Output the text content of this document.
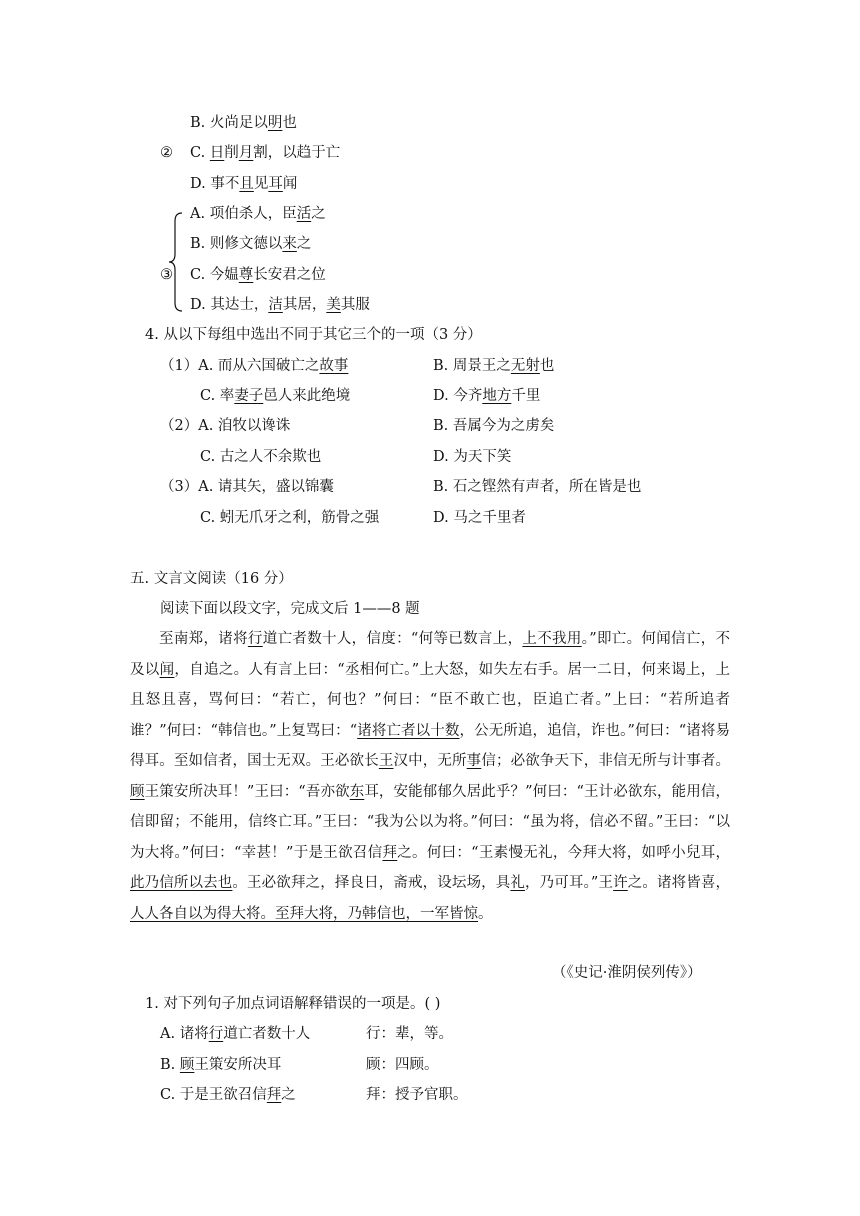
B. 火尚足以明也
② C. 日削月割，以趋于亡
D. 事不且见耳闻
A. 项伯杀人，臣活之
B. 则修文德以来之
③ C. 今媪尊长安君之位
D. 其达士，洁其居，美其服
4. 从以下每组中选出不同于其它三个的一项（3 分）
（1）A. 而从六国破亡之故事	B. 周景王之无射也
C. 率妻子邑人来此绝境	D. 今齐地方千里
（2）A. 洎牧以谗诛	B. 吾属今为之虏矣
C. 古之人不余欺也	D. 为天下笑
（3）A. 请其矢，盛以锦囊	B. 石之铿然有声者，所在皆是也
C. 蚓无爪牙之利，筋骨之强	D. 马之千里者
五. 文言文阅读（16 分）
阅读下面以段文字，完成文后 1——8 题

至南郑，诸将行道亡者数十人，信度：“何等已数言上，上不我用。”即亡。何闻信亡，不及以闻，自追之。人有言上曰：“丞相何亡。”上大怒，如失左右手。居一二日，何来谒上，上且怒且喜，骂何曰：“若亡，何也？”何曰：“臣不敢亡也，臣追亡者。”上曰：“若所追者谁？”何曰：“韩信也。”上复骂曰：“诸将亡者以十数，公无所追，追信，诈也。”何曰：“诸将易得耳。至如信者，国士无双。王必欲长王汉中，无所事信；必欲争天下，非信无所与计事者。顾王策安所决耳！”王曰：“吾亦欲东耳，安能郁郁久居此乎？”何曰：“王计必欲东，能用信，信即留；不能用，信终亡耳。”王曰：“我为公以为将。”何曰：“虽为将，信必不留。”王曰：“以为大将。”何曰：“幸甚！”于是王欲召信拜之。何曰：“王素慢无礼，今拜大将，如呼小兒耳，此乃信所以去也。王必欲拜之，择良日，斋戒，设坛场，具礼，乃可耳。”王许之。诸将皆喜，人人各自以为得大将。至拜大将，乃韩信也，一军皆惊。

（《史记·淮阴侯列传》）
1. 对下列句子加点词语解释错误的一项是。( )
A. 诸将行道亡者数十人	行：辈，等。
B. 顾王策安所决耳	顾：四顾。
C. 于是王欲召信拜之	拜：授予官职。
